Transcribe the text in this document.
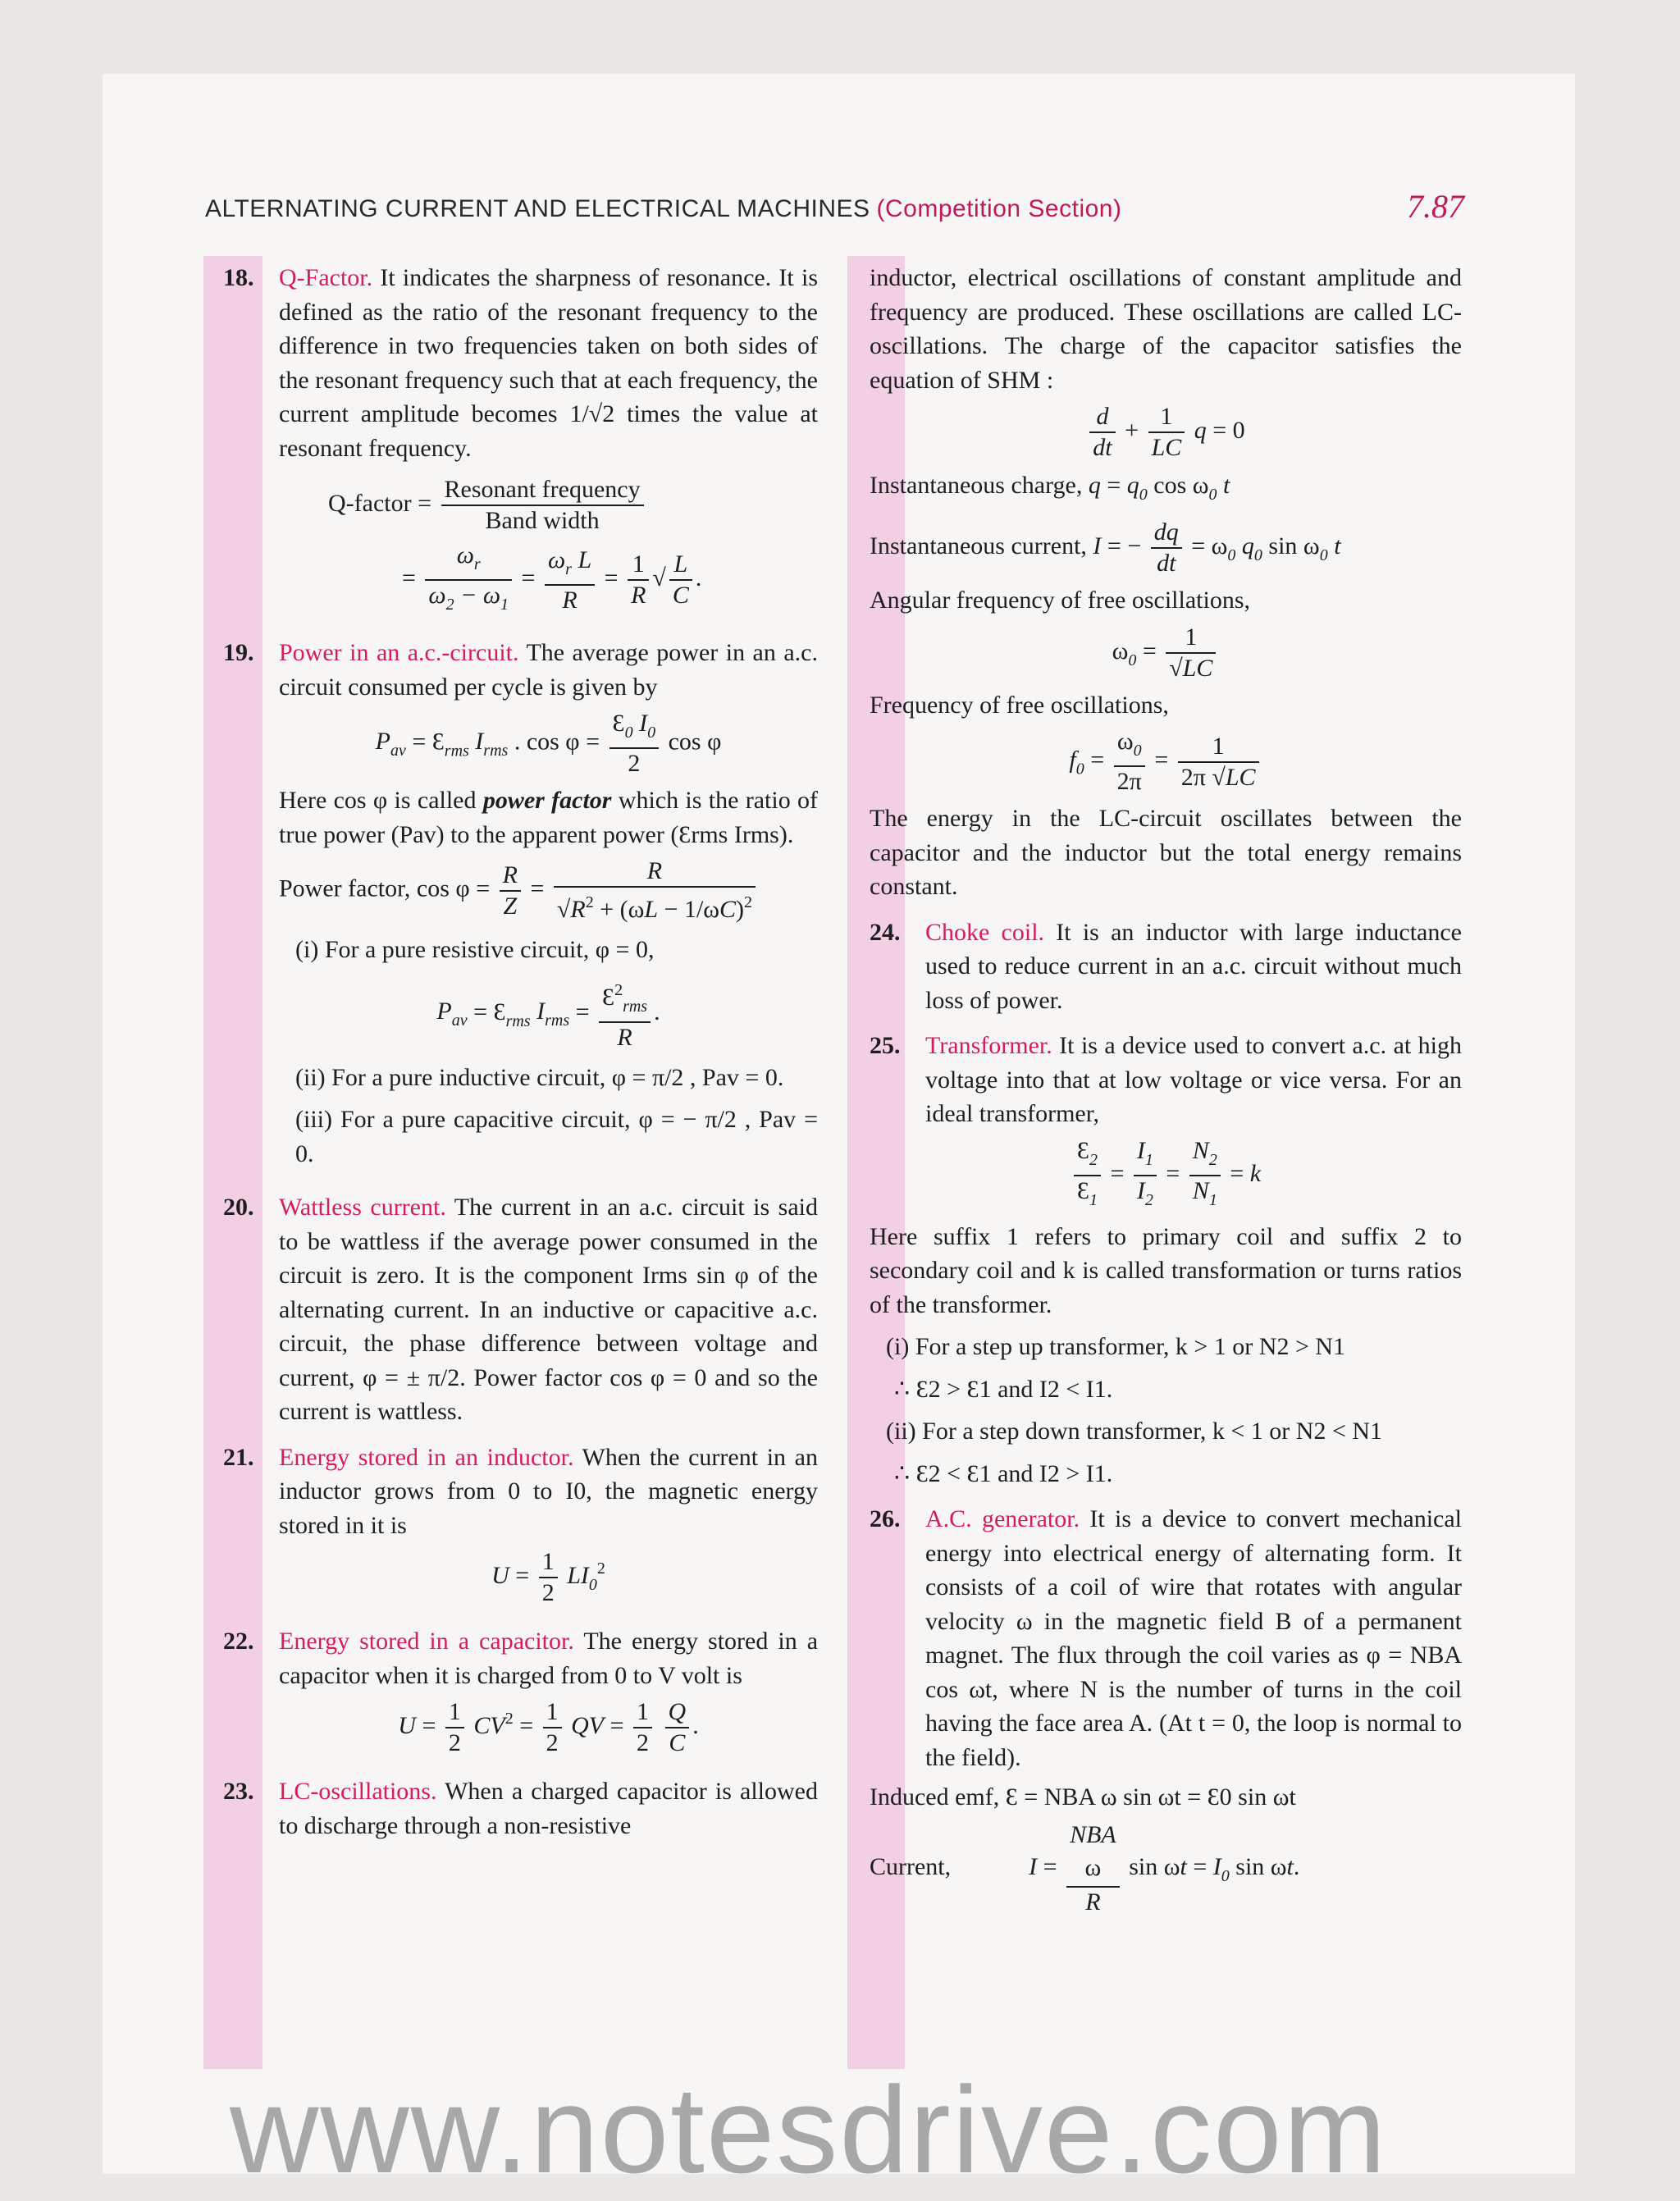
ALTERNATING CURRENT AND ELECTRICAL MACHINES (Competition Section)	7.87
18. Q-Factor. It indicates the sharpness of resonance. It is defined as the ratio of the resonant frequency to the difference in two frequencies taken on both sides of the resonant frequency such that at each frequency, the current amplitude becomes 1/√2 times the value at resonant frequency.
Q-factor = $\frac{\text{Resonant frequency}}{\text{Band width}}$
= $\frac{\omega_r}{\omega_2 - \omega_1} = \frac{\omega_r L}{R} = \frac{1}{R}$ √ $\frac{L}{C}$ .
19. Power in an a.c.-circuit. The average power in an a.c. circuit consumed per cycle is given by
$P_{av}$ = $Ɛ_{rms}$ $I_{rms}$ . $\cos \varphi = \frac{Ɛ_0 I_0}{2}$ cos φ
Here cos φ is called power factor which is the ratio of true power (Pav) to the apparent power (Ɛrms Irms).
Power factor, $\cos \varphi = \frac{R}{Z} = \frac{R}{√R^2 + (\omega L - 1/\omega C)^2}$
(i) For a pure resistive circuit, φ = 0,
$P_{av}$ = $Ɛ_{rms}$ $I_{rms} = \frac{Ɛ^2_{rms}}{R}$ .
(ii) For a pure inductive circuit, φ = π/2 , Pav = 0.
(iii) For a pure capacitive circuit, φ = − π/2 , Pav = 0.
20. Wattless current. The current in an a.c. circuit is said to be wattless if the average power consumed in the circuit is zero. It is the component Irms sin φ of the alternating current. In an inductive or capacitive a.c. circuit, the phase difference between voltage and current, φ = ± π/2. Power factor cos φ = 0 and so the current is wattless.
21. Energy stored in an inductor. When the current in an inductor grows from 0 to I0, the magnetic energy stored in it is
$U = \frac{1}{2} LI_0^2$
22. Energy stored in a capacitor. The energy stored in a capacitor when it is charged from 0 to V volt is
$U = \frac{1}{2} CV^2 = \frac{1}{2}$ QV = $\frac{1}{2}$
$\frac{Q}{C}$ .
23. LC-oscillations. When a charged capacitor is allowed to discharge through a non-resistive
inductor, electrical oscillations of constant amplitude and frequency are produced. These oscillations are called LC-oscillations. The charge of the capacitor satisfies the equation of SHM :
$\frac{d}{dt} + \frac{1}{LC}$ q = 0
Instantaneous charge, $q = q_0$ $\cos \omega_0$ t
Instantaneous current, I = − $\frac{dq}{dt} = \omega_0$ $q_0$ $\sin \omega_0$ t
Angular frequency of free oscillations,
$\omega_0 = \frac{1}{√LC}$
Frequency of free oscillations,
$f_0 = \frac{\omega_0}{2\pi} = \frac{1}{2\pi √LC}$
The energy in the LC-circuit oscillates between the capacitor and the inductor but the total energy remains constant.
24. Choke coil. It is an inductor with large inductance used to reduce current in an a.c. circuit without much loss of power.
25. Transformer. It is a device used to convert a.c. at high voltage into that at low voltage or vice versa. For an ideal transformer,
$\frac{Ɛ_2}{Ɛ_1} = \frac{I_1}{I_2} = \frac{N_2}{N_1} = k$
Here suffix 1 refers to primary coil and suffix 2 to secondary coil and k is called transformation or turns ratios of the transformer.
(i) For a step up transformer, k > 1 or N2 > N1
∴ Ɛ2 > Ɛ1 and I2 < I1.
(ii) For a step down transformer, k < 1 or N2 < N1
∴ Ɛ2 < Ɛ1 and I2 > I1.
26. A.C. generator. It is a device to convert mechanical energy into electrical energy of alternating form. It consists of a coil of wire that rotates with angular velocity ω in the magnetic field B of a permanent magnet. The flux through the coil varies as φ = NBA cos ωt, where N is the number of turns in the coil having the face area A. (At t = 0, the loop is normal to the field).
Induced emf, Ɛ = NBA ω sin ωt = Ɛ0 sin ωt
Current,	I =
NBA
ω
R
$\sin \omega t = I_0$ sin ωt.
www.notesdrive.com
